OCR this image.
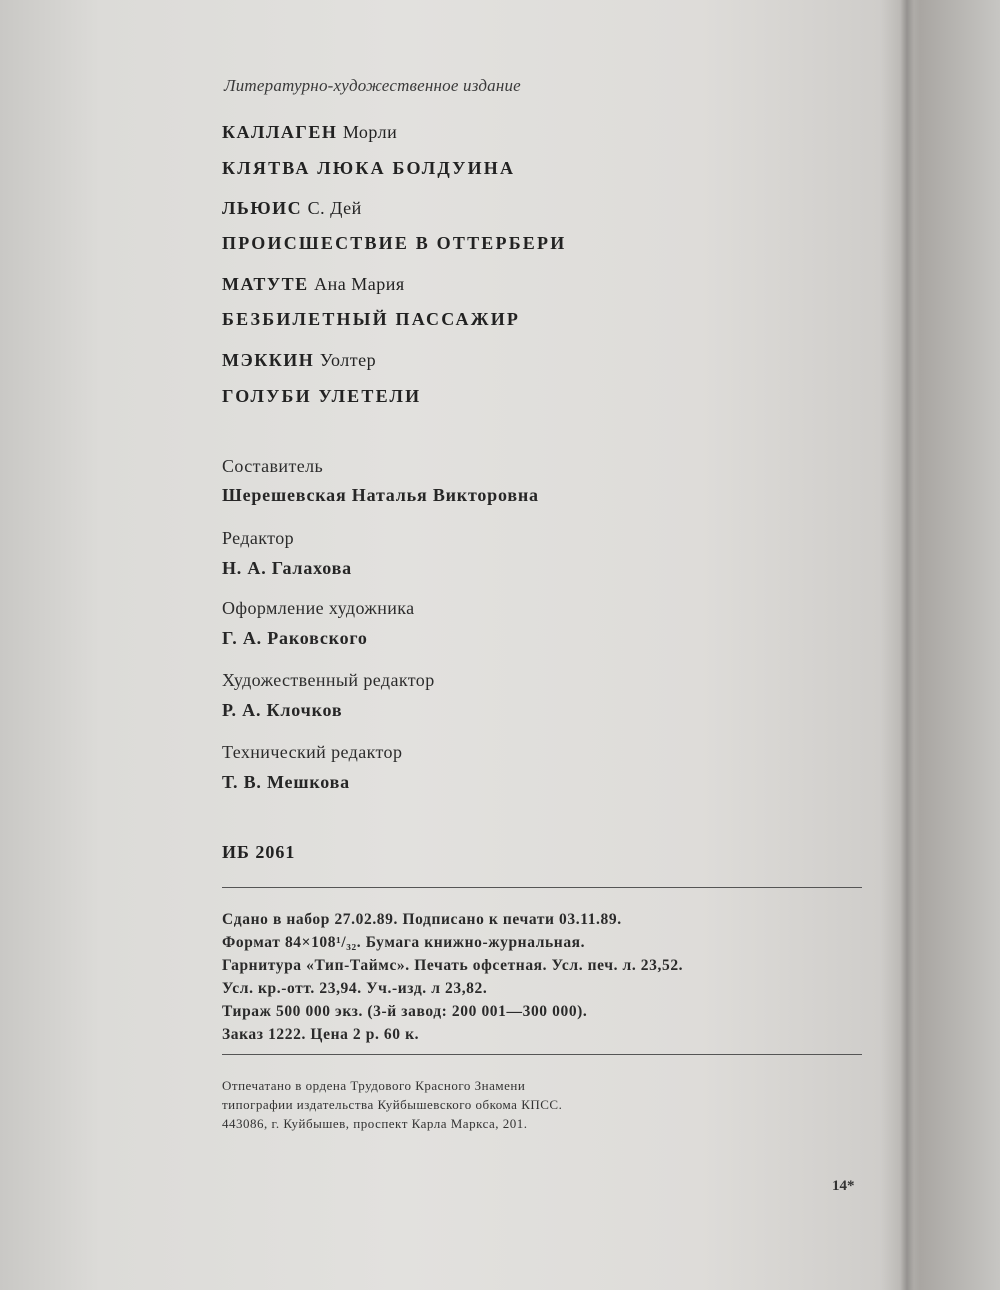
Литературно-художественное издание
КАЛЛАГЕН Морли
КЛЯТВА ЛЮКА БОЛДУИНА
ЛЬЮИС С. Дей
ПРОИСШЕСТВИЕ В ОТТЕРБЕРИ
МАТУТЕ Ана Мария
БЕЗБИЛЕТНЫЙ ПАССАЖИР
МЭККИН Уолтер
ГОЛУБИ УЛЕТЕЛИ
Составитель
Шерешевская Наталья Викторовна
Редактор
Н. А. Галахова
Оформление художника
Г. А. Раковского
Художественный редактор
Р. А. Клочков
Технический редактор
Т. В. Мешкова
ИБ 2061
Сдано в набор 27.02.89. Подписано к печати 03.11.89.
Формат 84×108¹/₃₂. Бумага книжно-журнальная.
Гарнитура «Тип-Таймс». Печать офсетная. Усл. печ. л. 23,52.
Усл. кр.-отт. 23,94. Уч.-изд. л 23,82.
Тираж 500 000 экз. (3-й завод: 200 001—300 000).
Заказ 1222. Цена 2 р. 60 к.
Отпечатано в ордена Трудового Красного Знамени
типографии издательства Куйбышевского обкома КПСС.
443086, г. Куйбышев, проспект Карла Маркса, 201.
14*
